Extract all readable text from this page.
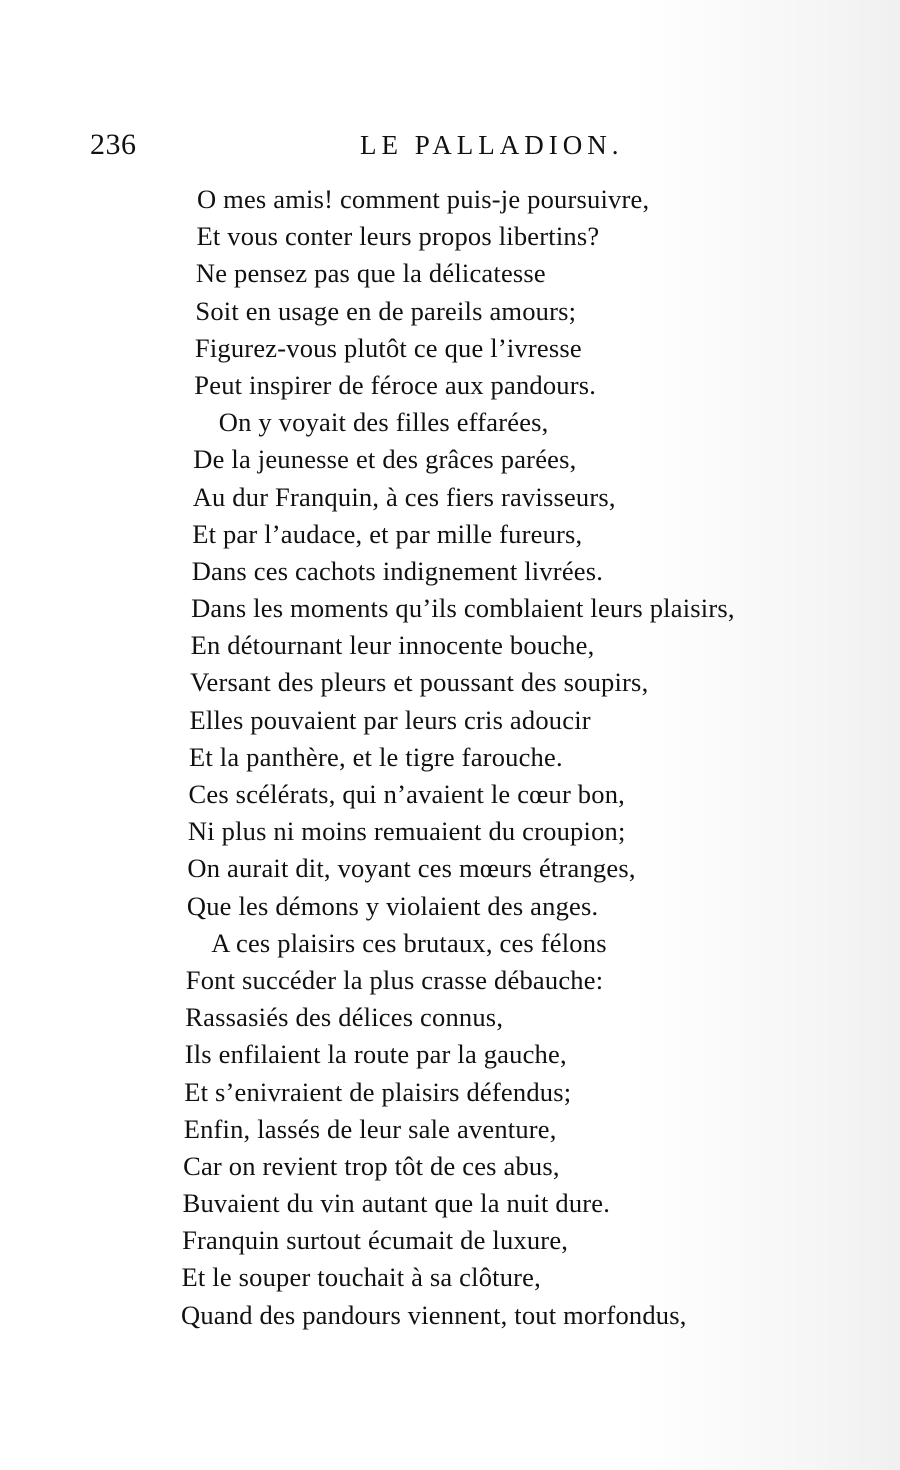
236	LE PALLADION.
O mes amis! comment puis-je poursuivre,
Et vous conter leurs propos libertins?
Ne pensez pas que la délicatesse
Soit en usage en de pareils amours;
Figurez-vous plutôt ce que l’ivresse
Peut inspirer de féroce aux pandours.
On y voyait des filles effarées,
De la jeunesse et des grâces parées,
Au dur Franquin, à ces fiers ravisseurs,
Et par l’audace, et par mille fureurs,
Dans ces cachots indignement livrées.
Dans les moments qu’ils comblaient leurs plaisirs,
En détournant leur innocente bouche,
Versant des pleurs et poussant des soupirs,
Elles pouvaient par leurs cris adoucir
Et la panthère, et le tigre farouche.
Ces scélérats, qui n’avaient le cœur bon,
Ni plus ni moins remuaient du croupion;
On aurait dit, voyant ces mœurs étranges,
Que les démons y violaient des anges.
A ces plaisirs ces brutaux, ces félons
Font succéder la plus crasse débauche:
Rassasiés des délices connus,
Ils enfilaient la route par la gauche,
Et s’enivraient de plaisirs défendus;
Enfin, lassés de leur sale aventure,
Car on revient trop tôt de ces abus,
Buvaient du vin autant que la nuit dure.
Franquin surtout écumait de luxure,
Et le souper touchait à sa clôture,
Quand des pandours viennent, tout morfondus,
